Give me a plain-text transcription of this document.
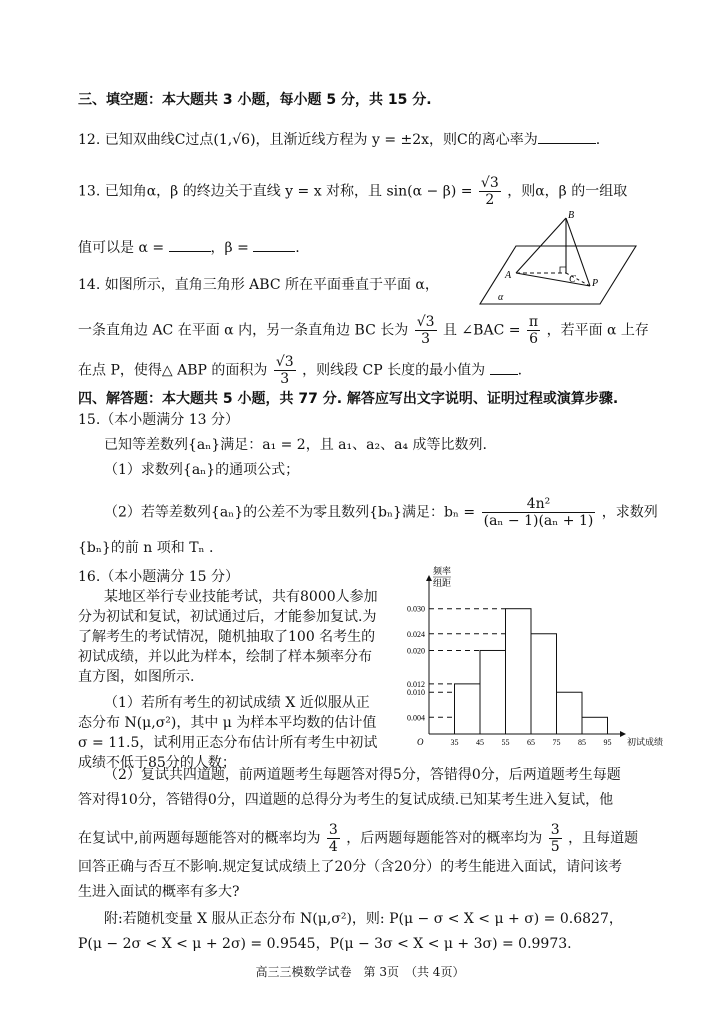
三、填空题：本大题共 3 小题，每小题 5 分，共 15 分.
12. 已知双曲线C过点(1,√6)，且渐近线方程为 y = ±2x，则C的离心率为	.
13. 已知角α，β 的终边关于直线 y = x 对称，且 $\sin(\alpha - \beta) = \frac{√3}{2}$ ，则α，β 的一组取
值可以是 α =	，β =	.
B
A	C P
α
14. 如图所示，直角三角形 ABC 所在平面垂直于平面 α，
一条直角边 AC 在平面 α 内，另一条直角边 BC 长为 $\frac{√3}{3}$ 且 ∠BAC = $\frac{\pi}{6}$ ，若平面 α 上存
在点 P，使得△ ABP 的面积为 $\frac{√3}{3}$ ，则线段 CP 长度的最小值为 .
四、解答题：本大题共 5 小题，共 77 分. 解答应写出文字说明、证明过程或演算步骤.
15.（本小题满分 13 分）
已知等差数列{aₙ}满足：a₁ = 2，且 a₁、a₂、a₄ 成等比数列.
（1）求数列{aₙ}的通项公式；
（2）若等差数列{aₙ}的公差不为零且数列{bₙ}满足：$b_n = \frac{\text{4n²}}{\text{(aₙ − 1)(aₙ + 1)}}$ ，求数列
{bₙ}的前 n 项和 Tₙ .
16.（本小题满分 15 分）
某地区举行专业技能考试，共有8000人参加
分为初试和复试，初试通过后，才能参加复试.为
了解考生的考试情况，随机抽取了100 名考生的
初试成绩，并以此为样本，绘制了样本频率分布
直方图，如图所示.
（1）若所有考生的初试成绩 X 近似服从正
态分布 N(μ,σ²)，其中 μ 为样本平均数的估计值
σ = 11.5，试利用正态分布估计所有考生中初试
成绩不低于85分的人数；
频率
组距
初试成绩
O
0.030
0.024
0.020
0.012
0.010
0.004
35 45 55 65 75 85 95
（2）复试共四道题，前两道题考生每题答对得5分，答错得0分，后两道题考生每题
答对得10分，答错得0分，四道题的总得分为考生的复试成绩.已知某考生进入复试，他
在复试中,前两题每题能答对的概率均为 $\frac{3}{4}$ ，后两题每题能答对的概率均为 $\frac{3}{5}$ ，且每道题
回答正确与否互不影响.规定复试成绩上了20分（含20分）的考生能进入面试，请问该考
生进入面试的概率有多大?
附:若随机变量 X 服从正态分布 N(μ,σ²)，则: P(μ − σ < X < μ + σ) = 0.6827，
P(μ − 2σ < X < μ + 2σ) = 0.9545，P(μ − 3σ < X < μ + 3σ) = 0.9973.
高三三模数学试卷　第 3页　（共 4页）
